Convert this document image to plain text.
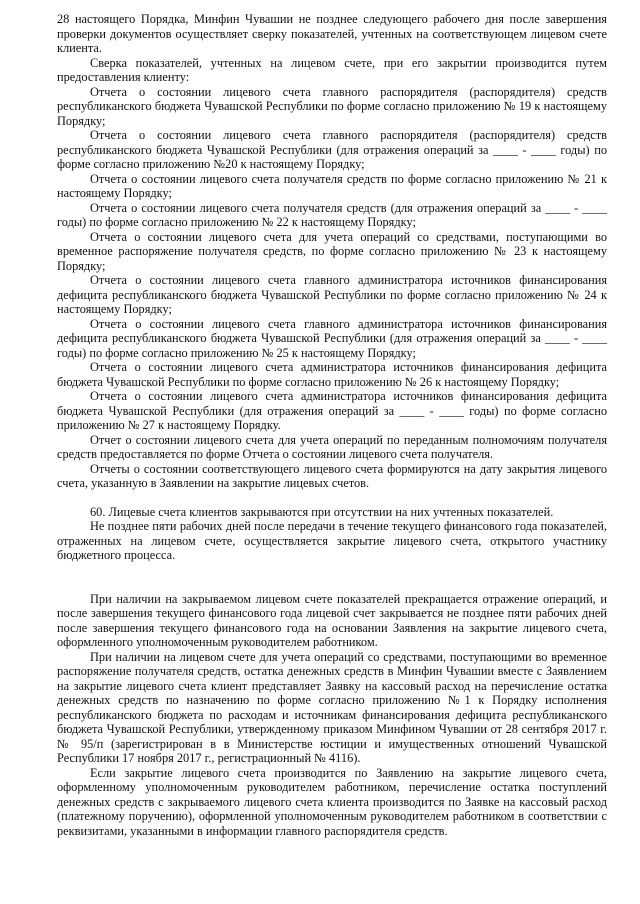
28 настоящего Порядка, Минфин Чувашии не позднее следующего рабочего дня после завершения проверки документов осуществляет сверку показателей, учтенных на соответствующем лицевом счете клиента.

Сверка показателей, учтенных на лицевом счете, при его закрытии производится путем предоставления клиенту:

Отчета о состоянии лицевого счета главного распорядителя (распорядителя) средств республиканского бюджета Чувашской Республики по форме согласно приложению № 19 к настоящему Порядку;

Отчета о состоянии лицевого счета главного распорядителя (распорядителя) средств республиканского бюджета Чувашской Республики (для отражения операций за ____ - ____ годы) по форме согласно приложению №20 к настоящему Порядку;

Отчета о состоянии лицевого счета получателя средств по форме согласно приложению № 21 к настоящему Порядку;

Отчета о состоянии лицевого счета получателя средств (для отражения операций за ____ - ____ годы) по форме согласно приложению № 22 к настоящему Порядку;

Отчета о состоянии лицевого счета для учета операций со средствами, поступающими во временное распоряжение получателя средств, по форме согласно приложению № 23 к настоящему Порядку;

Отчета о состоянии лицевого счета главного администратора источников финансирования дефицита республиканского бюджета Чувашской Республики по форме согласно приложению № 24 к настоящему Порядку;

Отчета о состоянии лицевого счета главного администратора источников финансирования дефицита республиканского бюджета Чувашской Республики (для отражения операций за ____ - ____ годы) по форме согласно приложению № 25 к настоящему Порядку;

Отчета о состоянии лицевого счета администратора источников финансирования дефицита бюджета Чувашской Республики по форме согласно приложению № 26 к настоящему Порядку;

Отчета о состоянии лицевого счета администратора источников финансирования дефицита бюджета Чувашской Республики (для отражения операций за ____ - ____ годы) по форме согласно приложению № 27 к настоящему Порядку.

Отчет о состоянии лицевого счета для учета операций по переданным полномочиям получателя средств предоставляется по форме Отчета о состоянии лицевого счета получателя.

Отчеты о состоянии соответствующего лицевого счета формируются на дату закрытия лицевого счета, указанную в Заявлении на закрытие лицевых счетов.

60. Лицевые счета клиентов закрываются при отсутствии на них учтенных показателей.

Не позднее пяти рабочих дней после передачи в течение текущего финансового года показателей, отраженных на лицевом счете, осуществляется закрытие лицевого счета, открытого участнику бюджетного процесса.

При наличии на закрываемом лицевом счете показателей прекращается отражение операций, и после завершения текущего финансового года лицевой счет закрывается не позднее пяти рабочих дней после завершения текущего финансового года на основании Заявления на закрытие лицевого счета, оформленного уполномоченным руководителем работником.

При наличии на лицевом счете для учета операций со средствами, поступающими во временное распоряжение получателя средств, остатка денежных средств в Минфин Чувашии вместе с Заявлением на закрытие лицевого счета клиент представляет Заявку на кассовый расход на перечисление остатка денежных средств по назначению по форме согласно приложению №1 к Порядку исполнения республиканского бюджета по расходам и источникам финансирования дефицита республиканского бюджета Чувашской Республики, утвержденному приказом Минфином Чувашии от 28 сентября 2017 г. № 95/п (зарегистрирован в в Министерстве юстиции и имущественных отношений Чувашской Республики 17 ноября 2017 г., регистрационный № 4116).

Если закрытие лицевого счета производится по Заявлению на закрытие лицевого счета, оформленному уполномоченным руководителем работником, перечисление остатка поступлений денежных средств с закрываемого лицевого счета клиента производится по Заявке на кассовый расход (платежному поручению), оформленной уполномоченным руководителем работником в соответствии с реквизитами, указанными в информации главного распорядителя средств.
